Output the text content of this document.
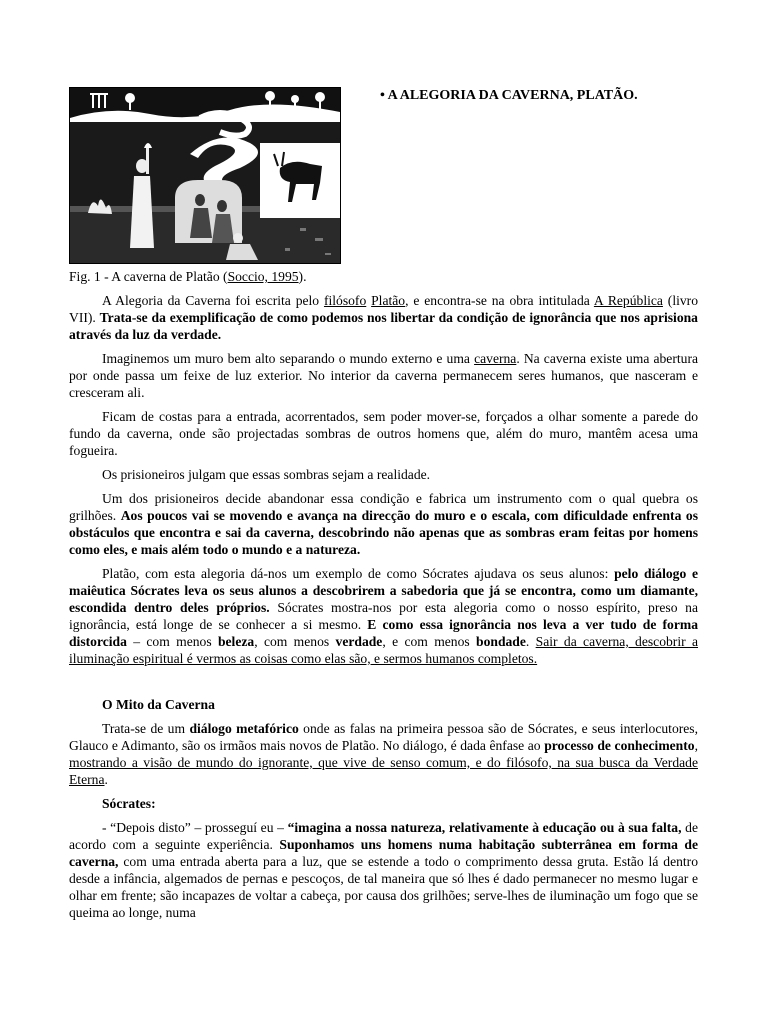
• A ALEGORIA DA CAVERNA, PLATÃO.

Fig. 1 - A caverna de Platão (Soccio, 1995).

A Alegoria da Caverna foi escrita pelo filósofo Platão, e encontra-se na obra intitulada A República (livro VII). Trata-se da exemplificação de como podemos nos libertar da condição de ignorância que nos aprisiona através da luz da verdade.

Imaginemos um muro bem alto separando o mundo externo e uma caverna. Na caverna existe uma abertura por onde passa um feixe de luz exterior. No interior da caverna permanecem seres humanos, que nasceram e cresceram ali.

Ficam de costas para a entrada, acorrentados, sem poder mover-se, forçados a olhar somente a parede do fundo da caverna, onde são projectadas sombras de outros homens que, além do muro, mantêm acesa uma fogueira.

Os prisioneiros julgam que essas sombras sejam a realidade.

Um dos prisioneiros decide abandonar essa condição e fabrica um instrumento com o qual quebra os grilhões. Aos poucos vai se movendo e avança na direcção do muro e o escala, com dificuldade enfrenta os obstáculos que encontra e sai da caverna, descobrindo não apenas que as sombras eram feitas por homens como eles, e mais além todo o mundo e a natureza.

Platão, com esta alegoria dá-nos um exemplo de como Sócrates ajudava os seus alunos: pelo diálogo e maiêutica Sócrates leva os seus alunos a descobrirem a sabedoria que já se encontra, como um diamante, escondida dentro deles próprios. Sócrates mostra-nos por esta alegoria como o nosso espírito, preso na ignorância, está longe de se conhecer a si mesmo. E como essa ignorância nos leva a ver tudo de forma distorcida – com menos beleza, com menos verdade, e com menos bondade. Sair da caverna, descobrir a iluminação espiritual é vermos as coisas como elas são, e sermos humanos completos.

O Mito da Caverna

Trata-se de um diálogo metafórico onde as falas na primeira pessoa são de Sócrates, e seus interlocutores, Glauco e Adimanto, são os irmãos mais novos de Platão. No diálogo, é dada ênfase ao processo de conhecimento, mostrando a visão de mundo do ignorante, que vive de senso comum, e do filósofo, na sua busca da Verdade Eterna.

Sócrates:

- “Depois disto” – prosseguí eu – “imagina a nossa natureza, relativamente à educação ou à sua falta, de acordo com a seguinte experiência. Suponhamos uns homens numa habitação subterrânea em forma de caverna, com uma entrada aberta para a luz, que se estende a todo o comprimento dessa gruta. Estão lá dentro desde a infância, algemados de pernas e pescoços, de tal maneira que só lhes é dado permanecer no mesmo lugar e olhar em frente; são incapazes de voltar a cabeça, por causa dos grilhões; serve-lhes de iluminação um fogo que se queima ao longe, numa
